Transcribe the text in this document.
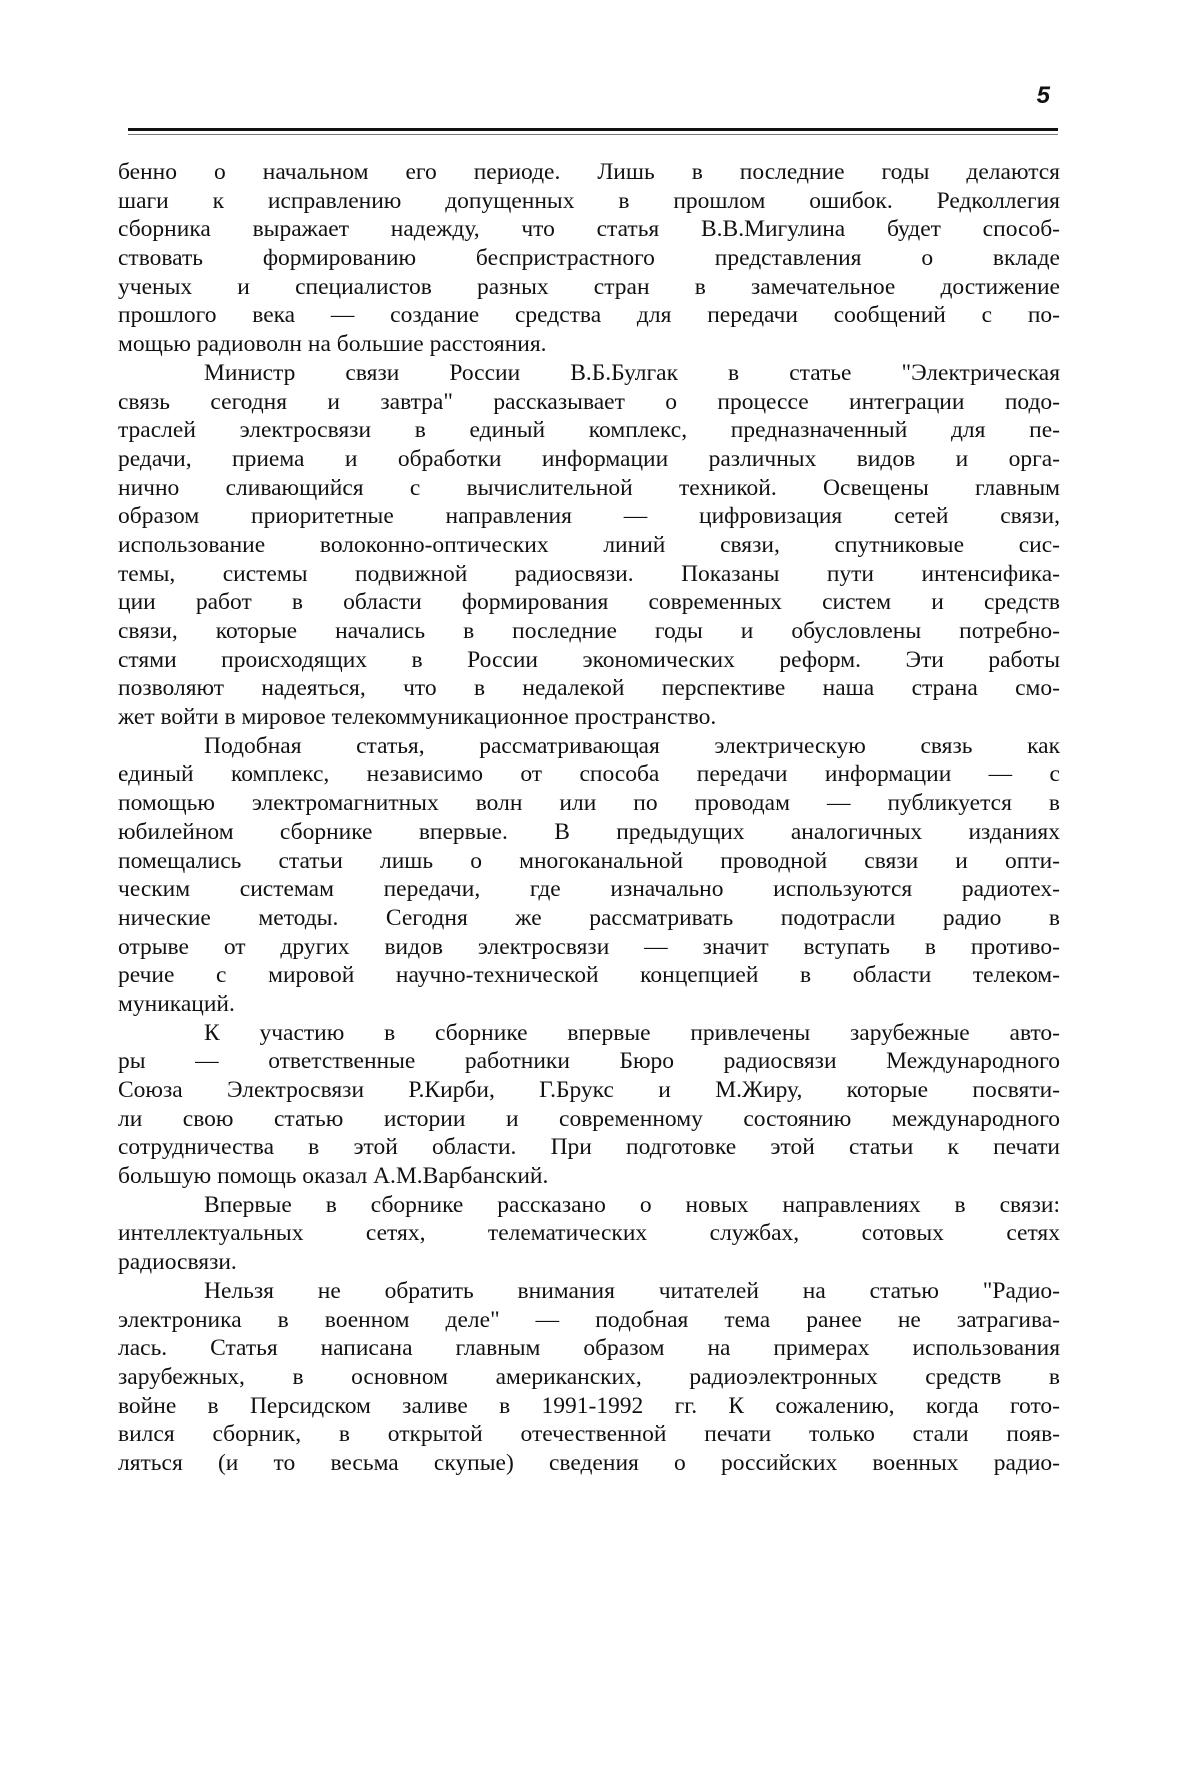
5
бенно о начальном его периоде. Лишь в последние годы делаются
шаги к исправлению допущенных в прошлом ошибок. Редколлегия
сборника выражает надежду, что статья В.В.Мигулина будет способ-
ствовать формированию беспристрастного представления о вкладе
ученых и специалистов разных стран в замечательное достижение
прошлого века — создание средства для передачи сообщений с по-
мощью радиоволн на большие расстояния.
Министр связи России В.Б.Булгак в статье "Электрическая
связь сегодня и завтра" рассказывает о процессе интеграции подо-
траслей электросвязи в единый комплекс, предназначенный для пе-
редачи, приема и обработки информации различных видов и орга-
нично сливающийся с вычислительной техникой. Освещены главным
образом приоритетные направления — цифровизация сетей связи,
использование волоконно-оптических линий связи, спутниковые сис-
темы, системы подвижной радиосвязи. Показаны пути интенсифика-
ции работ в области формирования современных систем и средств
связи, которые начались в последние годы и обусловлены потребно-
стями происходящих в России экономических реформ. Эти работы
позволяют надеяться, что в недалекой перспективе наша страна смо-
жет войти в мировое телекоммуникационное пространство.
Подобная статья, рассматривающая электрическую связь как
единый комплекс, независимо от способа передачи информации — с
помощью электромагнитных волн или по проводам — публикуется в
юбилейном сборнике впервые. В предыдущих аналогичных изданиях
помещались статьи лишь о многоканальной проводной связи и опти-
ческим системам передачи, где изначально используются радиотех-
нические методы. Сегодня же рассматривать подотрасли радио в
отрыве от других видов электросвязи — значит вступать в противо-
речие с мировой научно-технической концепцией в области телеком-
муникаций.
К участию в сборнике впервые привлечены зарубежные авто-
ры — ответственные работники Бюро радиосвязи Международного
Союза Электросвязи Р.Кирби, Г.Брукс и М.Жиру, которые посвяти-
ли свою статью истории и современному состоянию международного
сотрудничества в этой области. При подготовке этой статьи к печати
большую помощь оказал А.М.Варбанский.
Впервые в сборнике рассказано о новых направлениях в связи:
интеллектуальных сетях, телематических службах, сотовых сетях
радиосвязи.
Нельзя не обратить внимания читателей на статью "Радио-
электроника в военном деле" — подобная тема ранее не затрагива-
лась. Статья написана главным образом на примерах использования
зарубежных, в основном американских, радиоэлектронных средств в
войне в Персидском заливе в 1991-1992 гг. К сожалению, когда гото-
вился сборник, в открытой отечественной печати только стали появ-
ляться (и то весьма скупые) сведения о российских военных радио-
